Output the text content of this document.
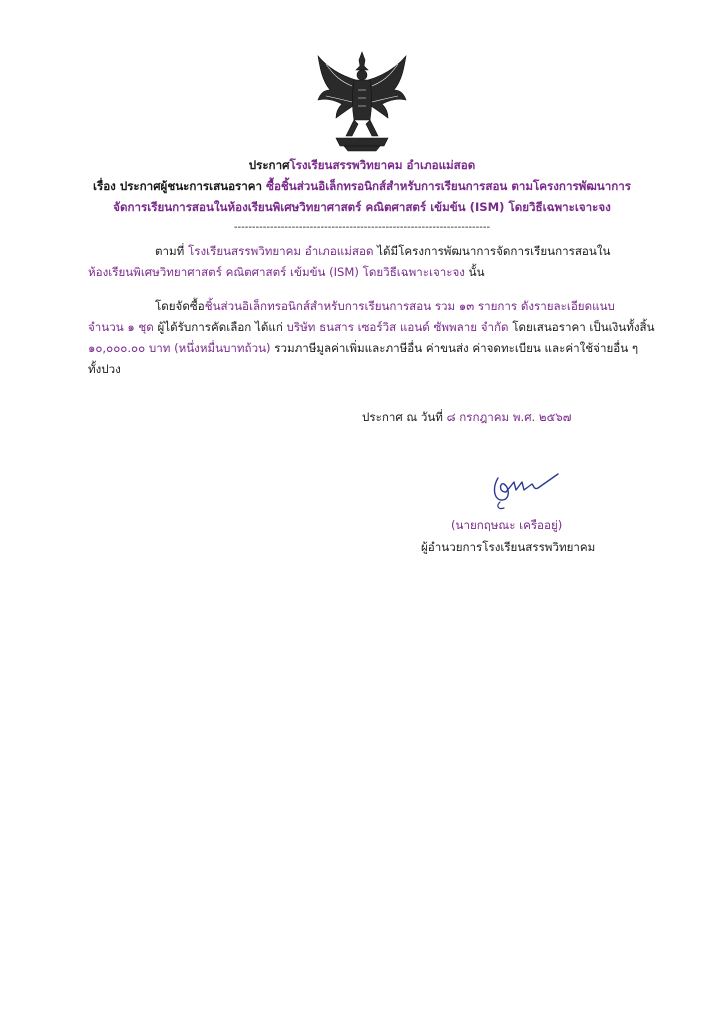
ประกาศโรงเรียนสรรพวิทยาคม อำเภอแม่สอด
เรื่อง ประกาศผู้ชนะการเสนอราคา ซื้อชิ้นส่วนอิเล็กทรอนิกส์สำหรับการเรียนการสอน ตามโครงการพัฒนาการ
จัดการเรียนการสอนในห้องเรียนพิเศษวิทยาศาสตร์ คณิตศาสตร์ เข้มข้น (ISM) โดยวิธีเฉพาะเจาะจง
-----------------------------------------------------------------------
ตามที่ โรงเรียนสรรพวิทยาคม อำเภอแม่สอด ได้มีโครงการพัฒนาการจัดการเรียนการสอนใน
ห้องเรียนพิเศษวิทยาศาสตร์ คณิตศาสตร์ เข้มข้น (ISM) โดยวิธีเฉพาะเจาะจง นั้น
โดยจัดซื้อชิ้นส่วนอิเล็กทรอนิกส์สำหรับการเรียนการสอน รวม ๑๓ รายการ ดังรายละเอียดแนบ
จำนวน ๑ ชุด ผู้ได้รับการคัดเลือก ได้แก่ บริษัท ธนสาร เซอร์วิส แอนด์ ซัพพลาย จำกัด โดยเสนอราคา เป็นเงินทั้งสิ้น
๑๐,๐๐๐.๐๐ บาท (หนึ่งหมื่นบาทถ้วน) รวมภาษีมูลค่าเพิ่มและภาษีอื่น ค่าขนส่ง ค่าจดทะเบียน และค่าใช้จ่ายอื่น ๆ
ทั้งปวง
ประกาศ ณ วันที่ ๘ กรกฎาคม พ.ศ. ๒๕๖๗
(นายกฤษณะ เครืออยู่)
ผู้อำนวยการโรงเรียนสรรพวิทยาคม
